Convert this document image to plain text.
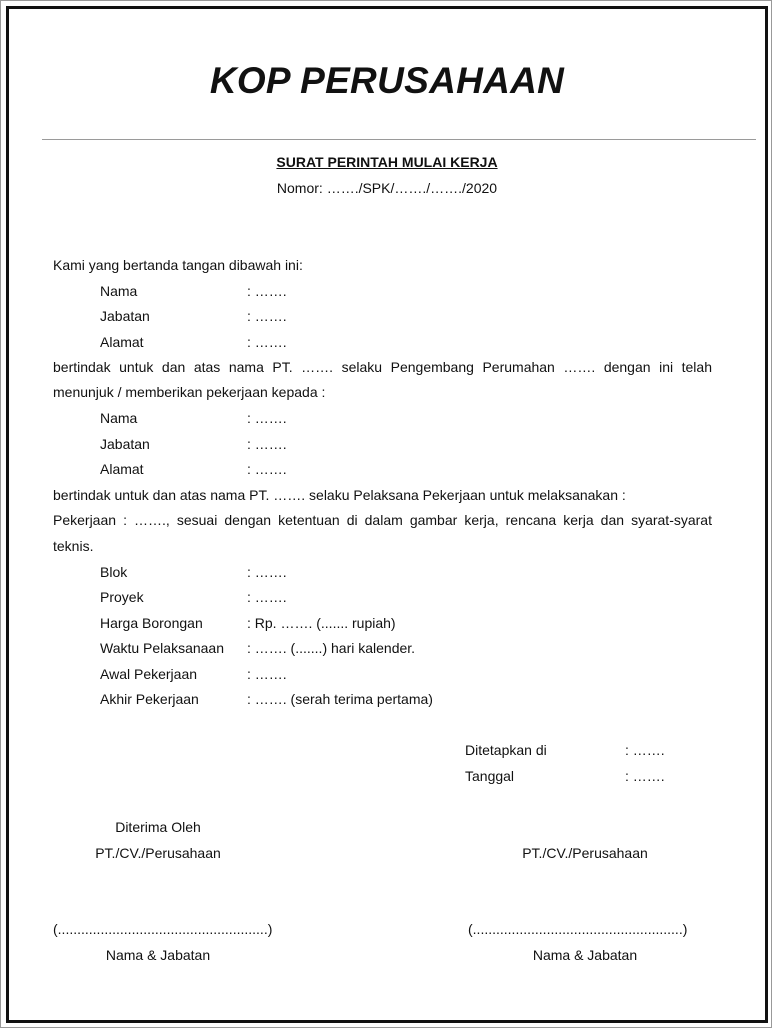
KOP PERUSAHAAN
SURAT PERINTAH MULAI KERJA
Nomor: ……./SPK/……./……./2020
Kami yang bertanda tangan dibawah ini:
Nama	: …….
Jabatan	: …….
Alamat	: …….
bertindak untuk dan atas nama PT. ……. selaku Pengembang Perumahan ……. dengan ini telah
menunjuk / memberikan pekerjaan kepada :
Nama	: …….
Jabatan	: …….
Alamat	: …….
bertindak untuk dan atas nama PT. ……. selaku Pelaksana Pekerjaan untuk melaksanakan :
Pekerjaan : ……., sesuai dengan ketentuan di dalam gambar kerja, rencana kerja dan syarat-syarat
teknis.
Blok	: …….
Proyek	: …….
Harga Borongan	: Rp. ……. (....... rupiah)
Waktu Pelaksanaan : ……. (.......) hari kalender.
Awal Pekerjaan	: …….
Akhir Pekerjaan	: ……. (serah terima pertama)
Ditetapkan di	: …….
Tanggal	: …….
Diterima Oleh
PT./CV./Perusahaan	PT./CV./Perusahaan
(......................................................)	(......................................................)
Nama & Jabatan	Nama & Jabatan
